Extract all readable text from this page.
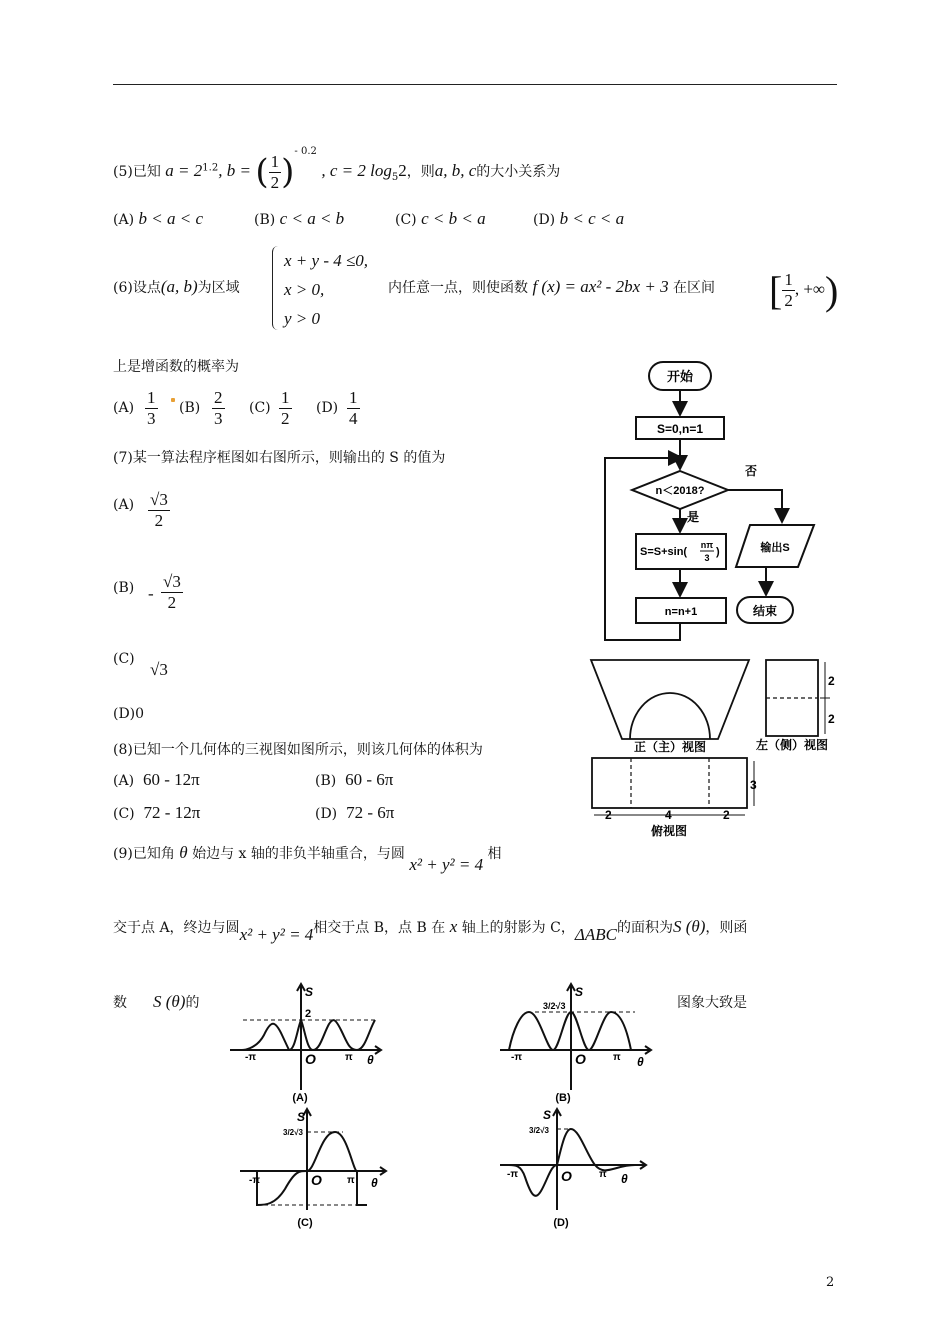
(5)已知 $a = 2^{1.2}$, b = ( $\frac{1}{2} )^{- 0.2}$ , c = 2 $\log_52$，则a, b, c的大小关系为
(A) b < a < c	(B) c < a < b	(C) c < b < a	(D) b < c < a
(6)设点(a, b)为区域
x + y - 4 ≤0,
x > 0,
y > 0
内任意一点，则使函数 f (x) = ax² - 2bx + 3 在区间 [ $\frac{1}{2}$ , +∞)
上是增函数的概率为
$(A) \frac{1}{3} (B) \frac{2}{3} (C) \frac{1}{2} (D) \frac{1}{4}$
(7)某一算法程序框图如右图所示，则输出的 S 的值为
$(A) \frac{√3}{2}$
$(B) - \frac{√3}{2}$
(C)
√3
(D)0
开始
S=0,n=1
n＜2018?
否
是
S=S+sin(
nπ
3 )
n=n+1
输出S
结束
正（主）视图
2
2
左（侧）视图
3
2	4	2
俯视图
(8)已知一个几何体的三视图如图所示，则该几何体的体积为
(A) 60 - 12π	(B) 60 - 6π
(C) 72 - 12π	(D) 72 - 6π
(9)已知角 θ 始边与 x 轴的非负半轴重合，与圆 x² + y² = 4 相
交于点 A，终边与圆x² + y² = 4相交于点 B，点 B 在 x 轴上的射影为 C，ΔABC的面积为S (θ)，则函
数 S (θ)的	图象大致是
S
2
O
-π	π θ
(A)
S
3/2√3
O
-π	π θ
(B)
S
3/2√3
O
-π	π θ
(C)
S
3/2√3
O
-π	π θ
(D)
2
